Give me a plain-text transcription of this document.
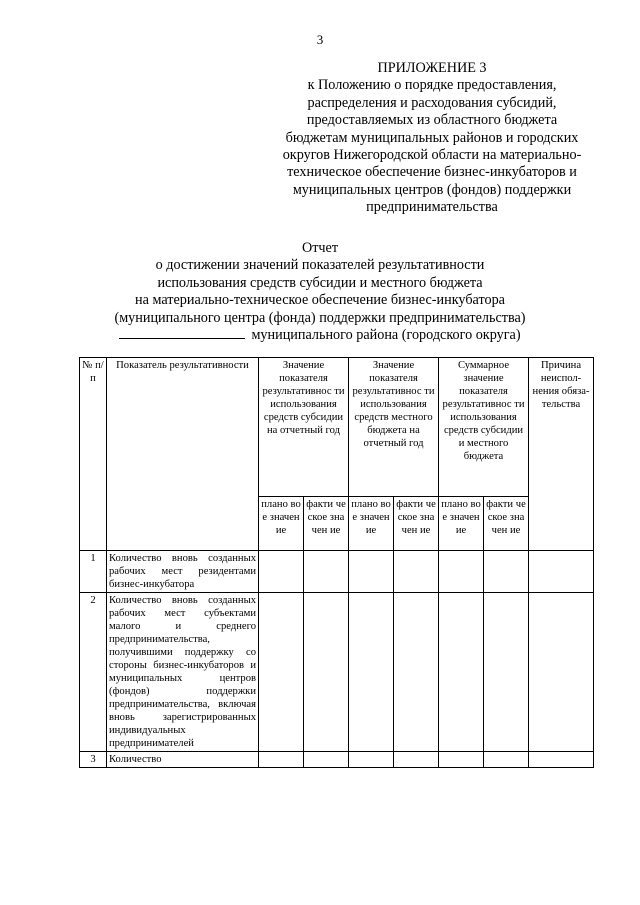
3
ПРИЛОЖЕНИЕ 3
к Положению о порядке предоставления,
распределения и расходования субсидий,
предоставляемых из областного бюджета
бюджетам муниципальных районов и городских
округов Нижегородской области на материально-
техническое обеспечение бизнес-инкубаторов и
муниципальных центров (фондов) поддержки
предпринимательства
Отчет
о достижении значений показателей результативности
использования средств субсидии и местного бюджета
на материально-техническое обеспечение бизнес-инкубатора
(муниципального центра (фонда) поддержки предпринимательства)
муниципального района (городского округа)
№ п/п	Показатель результативности	Значение показателя результативнос ти использования средств субсидии на отчетный год		Значение показателя результативнос ти использования средств местного бюджета на отчетный год		Суммарное значение показателя результативнос ти использования средств субсидии и местного бюджета		Причина неиспол-нения обяза-тельства
		плано вое значен ие	факти ческое значен ие	плано вое значен ие	факти ческое значен ие	плано вое значен ие	факти ческое значен ие	
1	Количество вновь созданных рабочих мест резидентами бизнес-инкубатора							
2	Количество вновь созданных рабочих мест субъектами малого и среднего предпринимательства, получившими поддержку со стороны бизнес-инкубаторов и муниципальных центров (фондов) поддержки предпринимательства, включая вновь зарегистрированных индивидуальных предпринимателей							
3	Количество							
